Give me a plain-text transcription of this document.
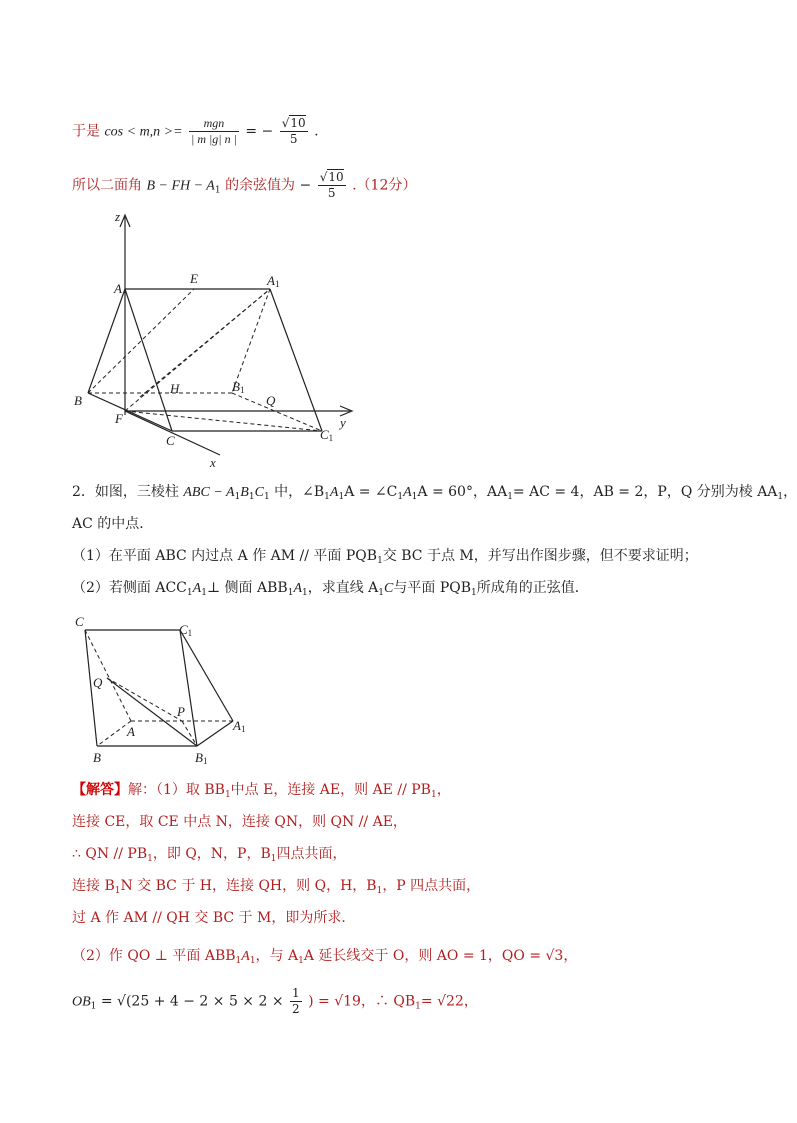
于是 $\cos < m,n >= \frac{\text{mgn}}{| m |g| n |}$ = − $\frac{√10}{5}$ .
所以二面角 B − FH − $A_1$ 的余弦值为 − $\frac{√10}{5} .(12$分）
z
y
x
A
E	A1
B
H	B1
Q
F
C	C1
2．如图，三棱柱 ABC − $A_1B_1C_1$ 中，$\angle B_1A_1A$ = $\angle C_1A_1A = 60^\circ$，$AA_1=$ AC = 4，AB = 2，P，Q 分别为棱 $AA_1$，
AC 的中点．
（1）在平面 ABC 内过点 A 作 AM // 平面 $PQB_1$交 BC 于点 M，并写出作图步骤，但不要求证明；
（2）若侧面 $ACC_1A_1\perp$ 侧面 $ABB_1A_1$，求直线 $A_1C$与平面 $PQB_1$所成角的正弦值．
C
C1
Q
P
A	A1
B	B1
【解答】解：（1）取 $BB_1$中点 E，连接 AE，则 AE // $PB_1$，
连接 CE，取 CE 中点 N，连接 QN，则 QN // AE，
∴ QN // $PB_1$，即 Q，N，P，$B_1$四点共面，
连接 $B_1N$ 交 BC 于 H，连接 QH，则 Q，H，$B_1$，P 四点共面，
过 A 作 AM // QH 交 BC 于 M，即为所求．
（2）作 QO ⊥ 平面 $ABB_1A_1$，与 $A_1A$ 延长线交于 O，则 AO = 1，QO = √3，
$OB_1 = √(25 + 4 - 2 \times 5 \times 2 \times \frac{1}{2}$ ) = √19，∴ $QB_1= √22$，
